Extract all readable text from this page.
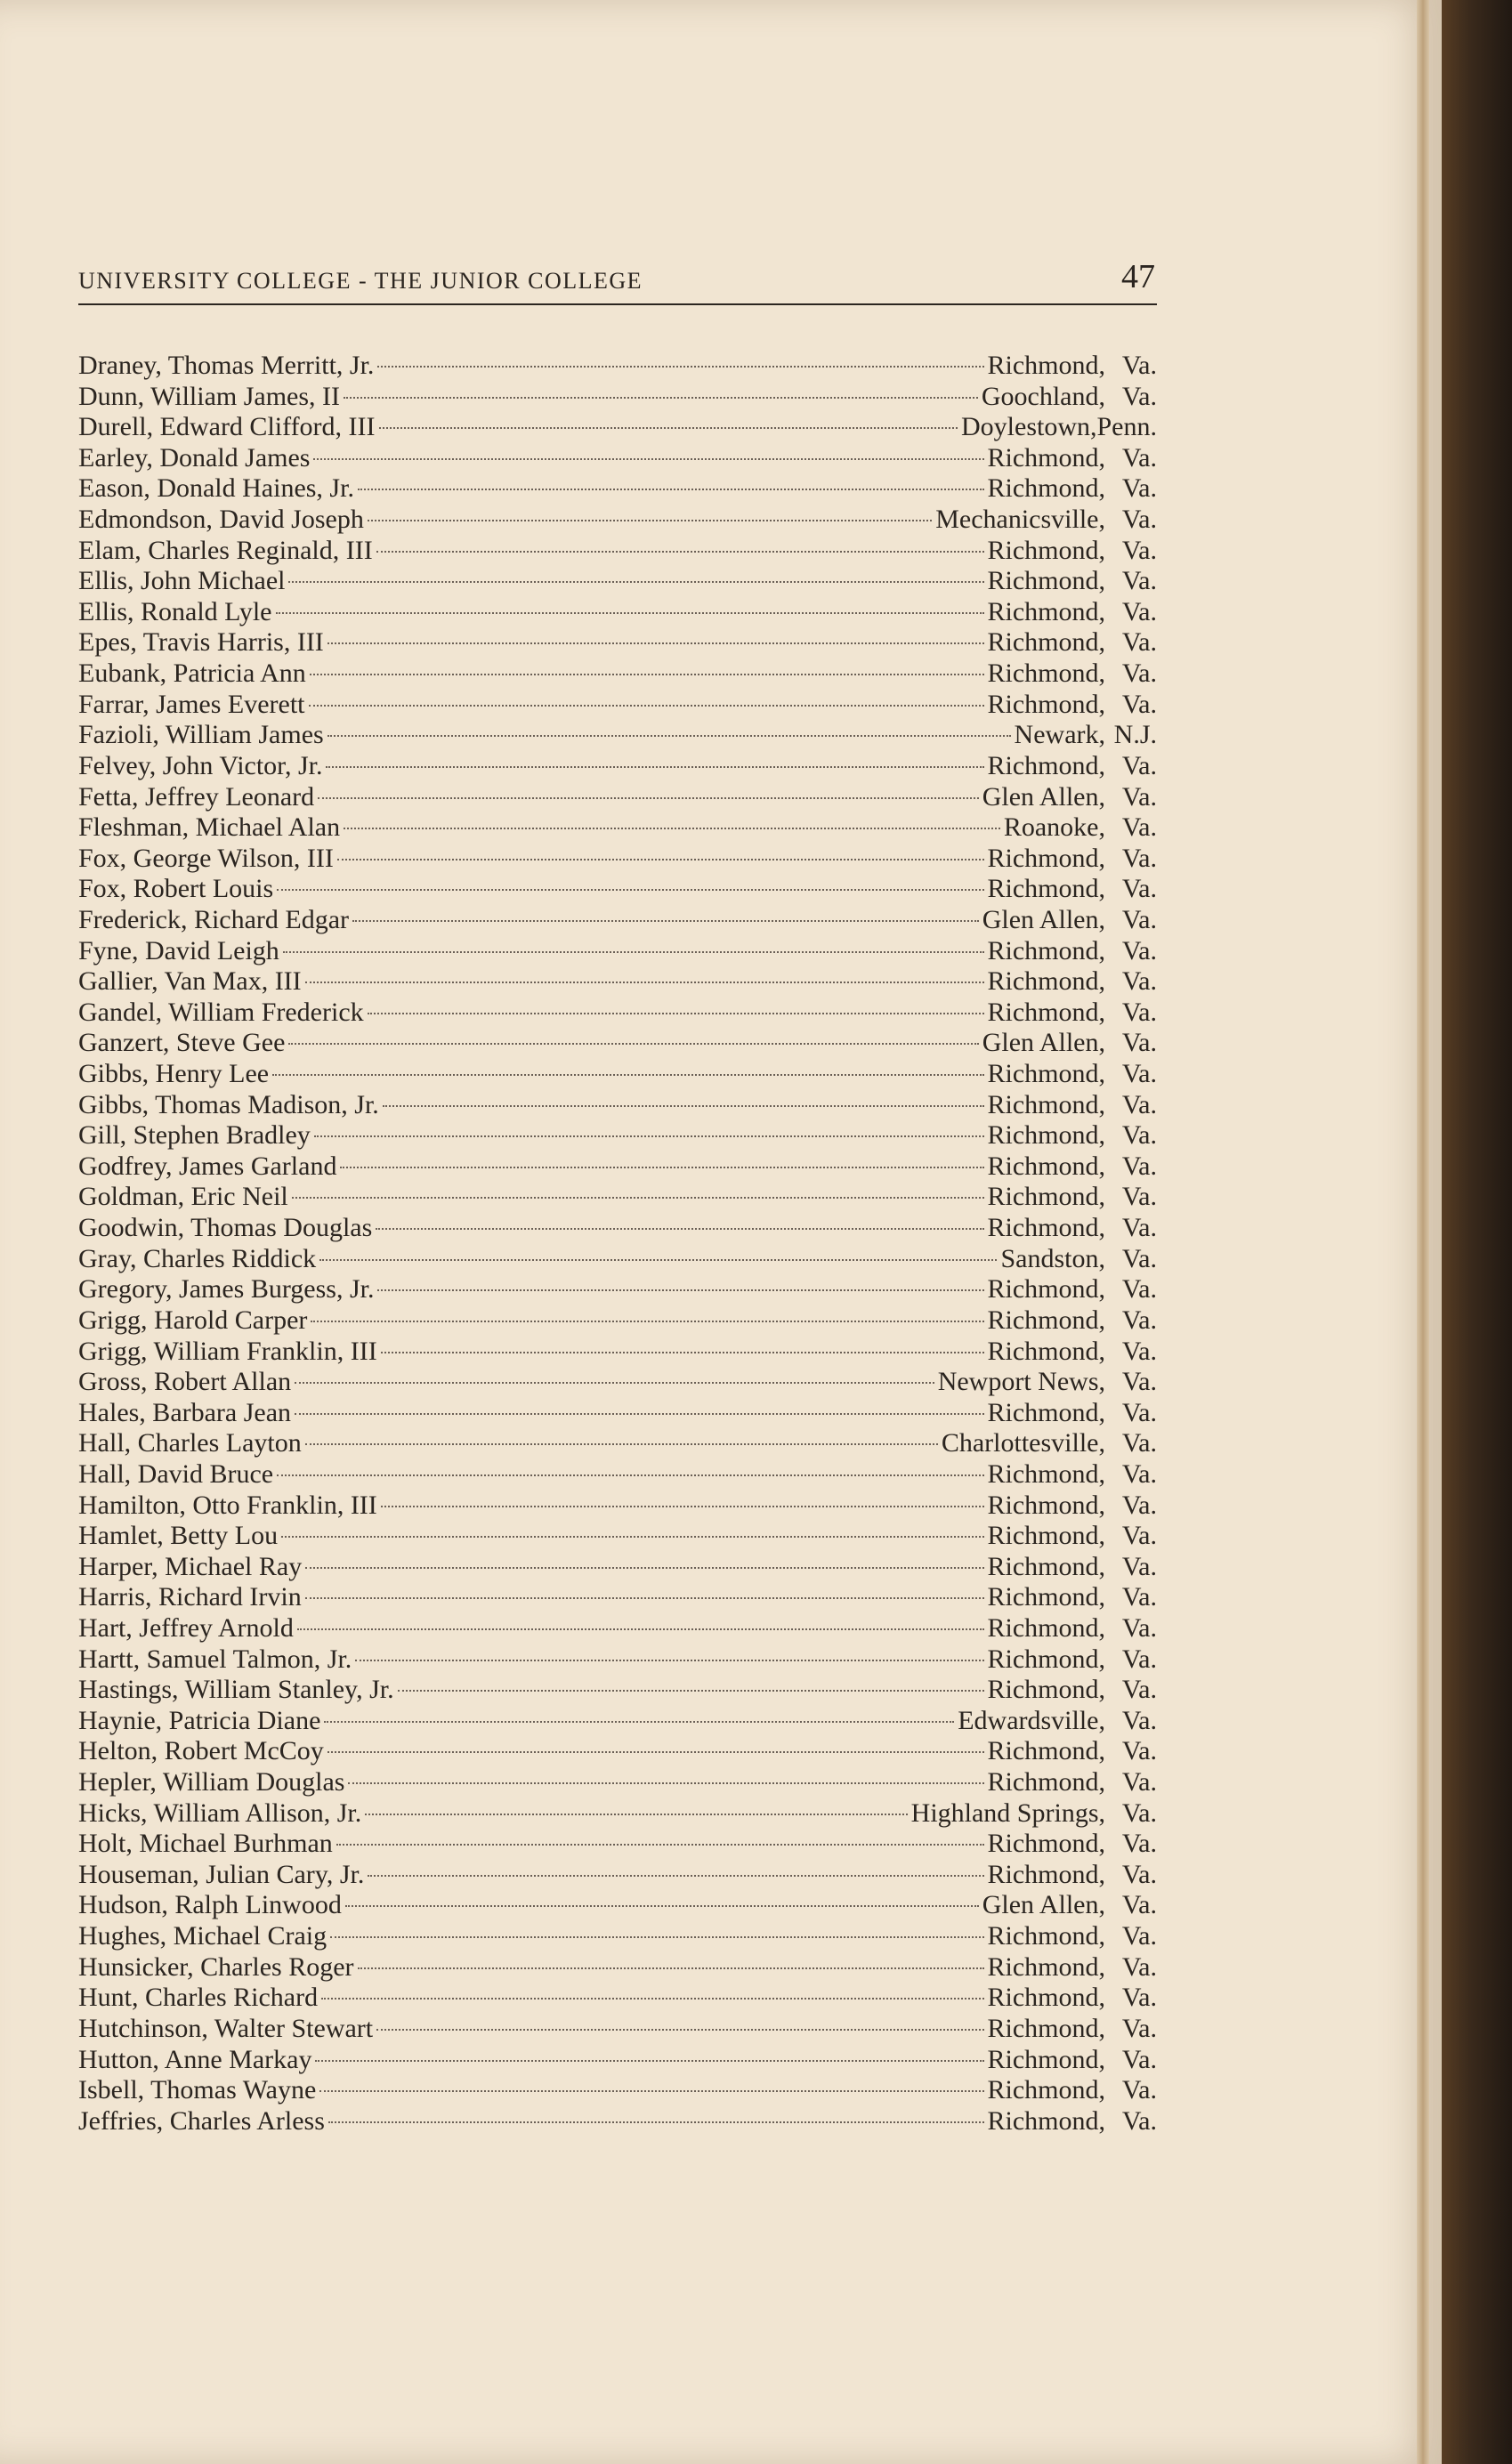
UNIVERSITY COLLEGE - THE JUNIOR COLLEGE	47
Draney, Thomas Merritt, Jr.	Richmond , Va.
Dunn, William James, II	Goochland , Va.
Durell, Edward Clifford, III	Doylestown , Penn.
Earley, Donald James	Richmond , Va.
Eason, Donald Haines, Jr.	Richmond , Va.
Edmondson, David Joseph	Mechanicsville , Va.
Elam, Charles Reginald, III	Richmond , Va.
Ellis, John Michael	Richmond , Va.
Ellis, Ronald Lyle	Richmond , Va.
Epes, Travis Harris, III	Richmond , Va.
Eubank, Patricia Ann	Richmond , Va.
Farrar, James Everett	Richmond , Va.
Fazioli, William James	Newark , N.J.
Felvey, John Victor, Jr.	Richmond , Va.
Fetta, Jeffrey Leonard	Glen Allen , Va.
Fleshman, Michael Alan	Roanoke , Va.
Fox, George Wilson, III	Richmond , Va.
Fox, Robert Louis	Richmond , Va.
Frederick, Richard Edgar	Glen Allen , Va.
Fyne, David Leigh	Richmond , Va.
Gallier, Van Max, III	Richmond , Va.
Gandel, William Frederick	Richmond , Va.
Ganzert, Steve Gee	Glen Allen , Va.
Gibbs, Henry Lee	Richmond , Va.
Gibbs, Thomas Madison, Jr.	Richmond , Va.
Gill, Stephen Bradley	Richmond , Va.
Godfrey, James Garland	Richmond , Va.
Goldman, Eric Neil	Richmond , Va.
Goodwin, Thomas Douglas	Richmond , Va.
Gray, Charles Riddick	Sandston , Va.
Gregory, James Burgess, Jr.	Richmond , Va.
Grigg, Harold Carper	Richmond , Va.
Grigg, William Franklin, III	Richmond , Va.
Gross, Robert Allan	Newport News , Va.
Hales, Barbara Jean	Richmond , Va.
Hall, Charles Layton	Charlottesville , Va.
Hall, David Bruce	Richmond , Va.
Hamilton, Otto Franklin, III	Richmond , Va.
Hamlet, Betty Lou	Richmond , Va.
Harper, Michael Ray	Richmond , Va.
Harris, Richard Irvin	Richmond , Va.
Hart, Jeffrey Arnold	Richmond , Va.
Hartt, Samuel Talmon, Jr.	Richmond , Va.
Hastings, William Stanley, Jr.	Richmond , Va.
Haynie, Patricia Diane	Edwardsville , Va.
Helton, Robert McCoy	Richmond , Va.
Hepler, William Douglas	Richmond , Va.
Hicks, William Allison, Jr.	Highland Springs , Va.
Holt, Michael Burhman	Richmond , Va.
Houseman, Julian Cary, Jr.	Richmond , Va.
Hudson, Ralph Linwood	Glen Allen , Va.
Hughes, Michael Craig	Richmond , Va.
Hunsicker, Charles Roger	Richmond , Va.
Hunt, Charles Richard	Richmond , Va.
Hutchinson, Walter Stewart	Richmond , Va.
Hutton, Anne Markay	Richmond , Va.
Isbell, Thomas Wayne	Richmond , Va.
Jeffries, Charles Arless	Richmond , Va.
